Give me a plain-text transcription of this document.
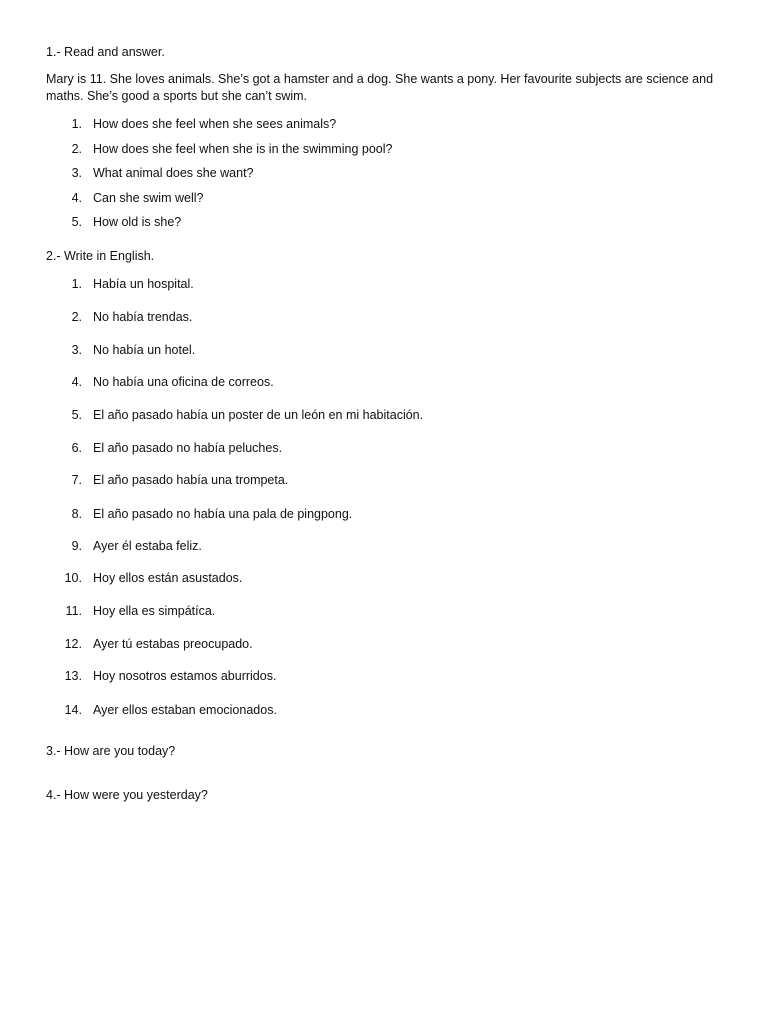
1.- Read and answer.
Mary is 11. She loves animals. She’s got a hamster and a dog. She wants a pony. Her favourite subjects are science and maths. She’s good a sports but she can’t swim.
1. How does she feel when she sees animals?
2. How does she feel when she is in the swimming pool?
3. What animal does she want?
4. Can she swim well?
5. How old is she?
2.- Write in English.
1. Había un hospital.
2. No había trendas.
3. No había un hotel.
4. No había una oficina de correos.
5. El año pasado había un poster de un león en mi habitación.
6. El año pasado no había peluches.
7. El año pasado había una trompeta.
8. El año pasado no había una pala de pingpong.
9. Ayer él estaba feliz.
10. Hoy ellos están asustados.
11. Hoy ella es simpátíca.
12. Ayer tú estabas preocupado.
13. Hoy nosotros estamos aburridos.
14. Ayer ellos estaban emocionados.
3.- How are you today?
4.- How were you yesterday?
